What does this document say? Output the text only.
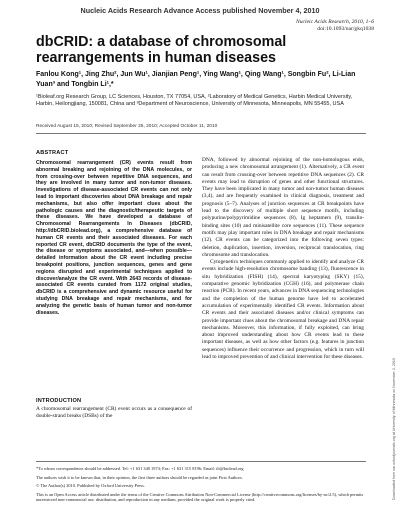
Nucleic Acids Research Advance Access published November 4, 2010
Nucleic Acids Research, 2010, 1–6
doi:10.1093/nar/gkq1038
dbCRID: a database of chromosomal
rearrangements in human diseases
Fanlou Kong¹, Jing Zhu², Jun Wu¹, Jianjian Peng¹, Ying Wang¹, Qing Wang¹, Songbin Fu², Li-Lian Yuan³ and Tongbin Li¹,*
¹Bioleaf.org Research Group, LC Sciences, Houston, TX 77054, USA, ²Laboratory of Medical Genetics, Harbin Medical University, Harbin, Heilongjiang, 150081, China and ³Department of Neuroscience, University of Minnesota, Minneapolis, MN 55455, USA
Received August 15, 2010; Revised September 25, 2010; Accepted October 11, 2010
ABSTRACT

Chromosomal rearrangement (CR) events result from abnormal breaking and rejoining of the DNA molecules, or from crossing-over between repetitive DNA sequences, and they are involved in many tumor and non-tumor diseases. Investigations of disease-associated CR events can not only lead to important discoveries about DNA breakage and repair mechanisms, but also offer important clues about the pathologic causes and the diagnostic/therapeutic targets of these diseases. We have developed a database of Chromosomal Rearrangements In Diseases (dbCRID, http://dbCRID.biolead.org), a comprehensive database of human CR events and their associated diseases. For each reported CR event, dbCRID documents the type of the event, the disease or symptoms associated, and—when possible—detailed information about the CR event including precise breakpoint positions, junction sequences, genes and gene regions disrupted and experimental techniques applied to discover/analyze the CR event. With 2643 records of disease-associated CR events curated from 1172 original studies, dbCRID is a comprehensive and dynamic resource useful for studying DNA breakage and repair mechanisms, and for analyzing the genetic basis of human tumor and non-tumor diseases.

INTRODUCTION

A chromosomal rearrangement (CR) event occurs as a consequence of double-strand breaks (DSBs) of the

DNA, followed by abnormal rejoining of the non-homologous ends, producing a new chromosomal arrangement (1). Alternatively, a CR event can result from crossing-over between repetitive DNA sequences (2). CR events may lead to disruption of genes and other functional structures. They have been implicated in many tumor and non-tumor human diseases (3,4), and are frequently examined in clinical diagnosis, treatment and prognosis (5–7). Analyses of junction sequences at CR breakpoints have lead to the discovery of multiple short sequence motifs, including polypurine/polypyrimidine sequences (8), Ig heptamers (9), translin-binding sites (10) and minisatellite core sequences (11). These sequence motifs may play important roles in DNA breakage and repair mechanisms (12). CR events can be categorized into the following seven types: deletion, duplication, insertion, inversion, reciprocal translocation, ring chromosome and translocation.

Cytogenetics techniques commonly applied to identify and analyze CR events include high-resolution chromosome banding (13), fluorescence in situ hybridization (FISH) (14), spectral karyotyping (SKY) (15), comparative genomic hybridization (CGH) (16), and polymerase chain reaction (PCR). In recent years, advances in DNA sequencing technologies and the completion of the human genome have led to accelerated accumulation of experimentally identified CR events. Information about CR events and their associated diseases and/or clinical symptoms can provide important clues about the chromosomal breakage and DNA repair mechanisms. Moreover, this information, if fully exploited, can bring about improved understanding about how CR events lead to these important diseases, as well as how other factors (e.g. features in junction sequences) influence their occurrence and progression, which in turn will lead to improved prevention of and clinical intervention for these diseases.

Downloaded from nar.oxfordjournals.org at University of Minnesota on November 2, 2010

*To whom correspondence should be addressed. Tel: +1 631 340 1974; Fax: +1 631 315 8196; Email: tli@biolead.org

The authors wish it to be known that, in their opinion, the first three authors should be regarded as joint First Authors.

© The Author(s) 2010. Published by Oxford University Press.

This is an Open Access article distributed under the terms of the Creative Commons Attribution Non-Commercial License (http://creativecommons.org/licenses/by-nc/2.5), which permits unrestricted non-commercial use, distribution, and reproduction in any medium, provided the original work is properly cited.
